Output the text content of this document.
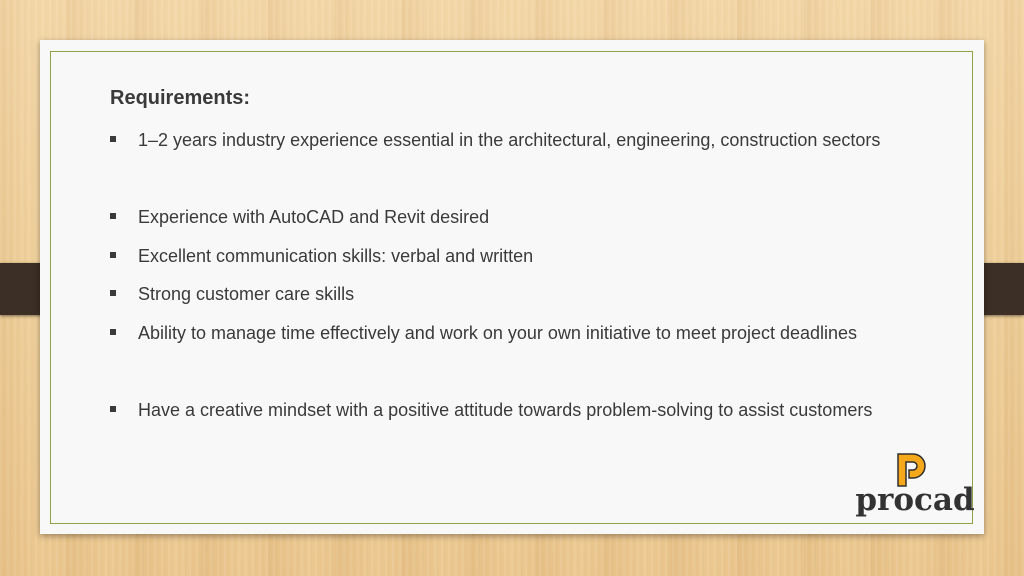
Requirements:
1–2 years industry experience essential in the architectural, engineering, construction sectors
Experience with AutoCAD and Revit desired
Excellent communication skills: verbal and written
Strong customer care skills
Ability to manage time effectively and work on your own initiative to meet project deadlines
Have a creative mindset with a positive attitude towards problem-solving to assist customers
procad
